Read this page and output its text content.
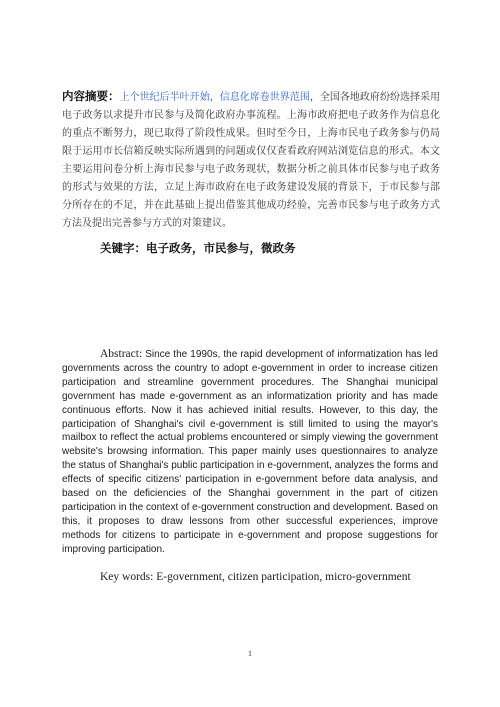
内容摘要：上个世纪后半叶开始，信息化席卷世界范围，全国各地政府纷纷选择采用电子政务以求提升市民参与及简化政府办事流程。上海市政府把电子政务作为信息化的重点不断努力，现已取得了阶段性成果。但时至今日，上海市民电子政务参与仍局限于运用市长信箱反映实际所遇到的问题或仅仅查看政府网站浏览信息的形式。本文主要运用问卷分析上海市民参与电子政务现状，数据分析之前具体市民参与电子政务的形式与效果的方法，立足上海市政府在电子政务建设发展的背景下，于市民参与部分所存在的不足，并在此基础上提出借鉴其他成功经验，完善市民参与电子政务方式方法及提出完善参与方式的对策建议。
关键字：电子政务，市民参与，微政务
Abstract: Since the 1990s, the rapid development of informatization has led governments across the country to adopt e-government in order to increase citizen participation and streamline government procedures. The Shanghai municipal government has made e-government as an informatization priority and has made continuous efforts. Now it has achieved initial results. However, to this day, the participation of Shanghai's civil e-government is still limited to using the mayor's mailbox to reflect the actual problems encountered or simply viewing the government website's browsing information. This paper mainly uses questionnaires to analyze the status of Shanghai's public participation in e-government, analyzes the forms and effects of specific citizens' participation in e-government before data analysis, and based on the deficiencies of the Shanghai government in the part of citizen participation in the context of e-government construction and development. Based on this, it proposes to draw lessons from other successful experiences, improve methods for citizens to participate in e-government and propose suggestions for improving participation.
Key words: E-government, citizen participation, micro-government
1
